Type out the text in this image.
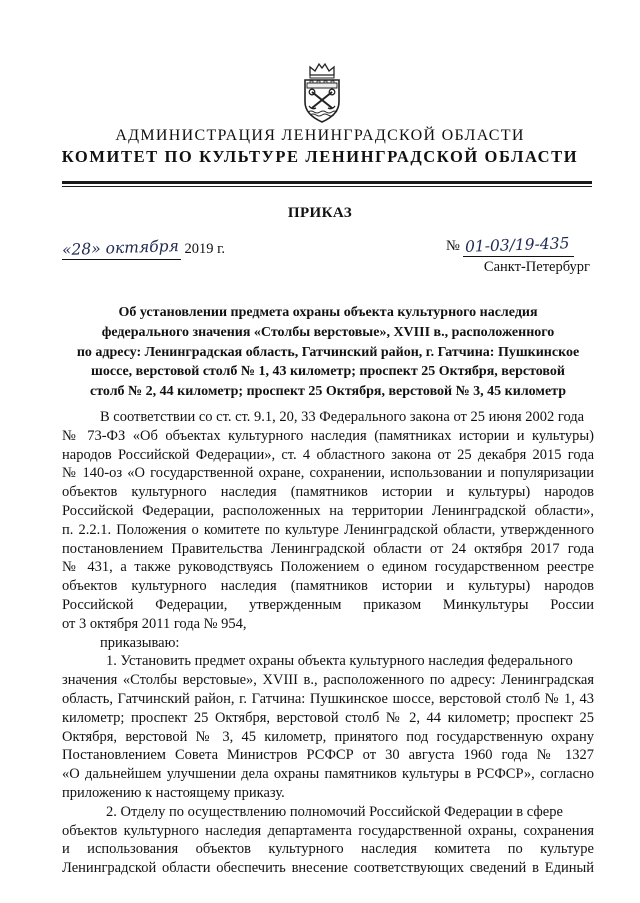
АДМИНИСТРАЦИЯ ЛЕНИНГРАДСКОЙ ОБЛАСТИ
КОМИТЕТ ПО КУЛЬТУРЕ ЛЕНИНГРАДСКОЙ ОБЛАСТИ
ПРИКАЗ
«28» октября 2019 г.	№ 01-03/19-435
Санкт-Петербург
Об установлении предмета охраны объекта культурного наследия
федерального значения «Столбы верстовые», XVIII в., расположенного
по адресу: Ленинградская область, Гатчинский район, г. Гатчина: Пушкинское
шоссе, верстовой столб № 1, 43 километр; проспект 25 Октября, верстовой
столб № 2, 44 километр; проспект 25 Октября, верстовой № 3, 45 километр

В соответствии со ст. ст. 9.1, 20, 33 Федерального закона от 25 июня 2002 года
№ 73-ФЗ «Об объектах культурного наследия (памятниках истории и культуры)
народов Российской Федерации», ст. 4 областного закона от 25 декабря 2015 года
№ 140-оз «О государственной охране, сохранении, использовании и популяризации
объектов культурного наследия (памятников истории и культуры) народов
Российской Федерации, расположенных на территории Ленинградской области»,
п. 2.2.1. Положения о комитете по культуре Ленинградской области, утвержденного
постановлением Правительства Ленинградской области от 24 октября 2017 года
№ 431, а также руководствуясь Положением о едином государственном реестре
объектов культурного наследия (памятников истории и культуры) народов
Российской Федерации, утвержденным приказом Минкультуры России
от 3 октября 2011 года № 954,

приказываю:

1. Установить предмет охраны объекта культурного наследия федерального
значения «Столбы верстовые», XVIII в., расположенного по адресу: Ленинградская
область, Гатчинский район, г. Гатчина: Пушкинское шоссе, верстовой столб № 1, 43
километр; проспект 25 Октября, верстовой столб № 2, 44 километр; проспект 25
Октября, верстовой № 3, 45 километр, принятого под государственную охрану
Постановлением Совета Министров РСФСР от 30 августа 1960 года № 1327
«О дальнейшем улучшении дела охраны памятников культуры в РСФСР», согласно
приложению к настоящему приказу.

2. Отделу по осуществлению полномочий Российской Федерации в сфере
объектов культурного наследия департамента государственной охраны, сохранения
и использования объектов культурного наследия комитета по культуре
Ленинградской области обеспечить внесение соответствующих сведений в Единый
